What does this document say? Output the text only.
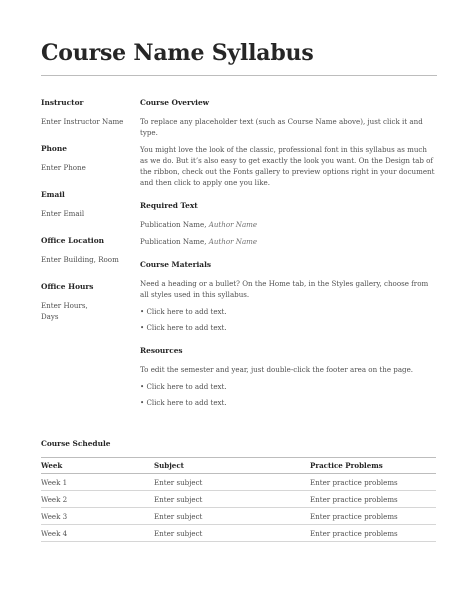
Course Name Syllabus

Instructor

Enter Instructor Name

Phone

Enter Phone

Email

Enter Email

Office Location

Enter Building, Room

Office Hours

Enter Hours,
Days

Course Overview

To replace any placeholder text (such as Course Name above), just click it and type.

You might love the look of the classic, professional font in this syllabus as much as we do. But it’s also easy to get exactly the look you want. On the Design tab of the ribbon, check out the Fonts gallery to preview options right in your document and then click to apply one you like.

Required Text

Publication Name, Author Name

Publication Name, Author Name

Course Materials

Need a heading or a bullet? On the Home tab, in the Styles gallery, choose from all styles used in this syllabus.

• Click here to add text.

• Click here to add text.

Resources

To edit the semester and year, just double-click the footer area on the page.

• Click here to add text.

• Click here to add text.

Course Schedule
Week	Subject	Practice Problems
Week 1	Enter subject	Enter practice problems
Week 2	Enter subject	Enter practice problems
Week 3	Enter subject	Enter practice problems
Week 4	Enter subject	Enter practice problems
